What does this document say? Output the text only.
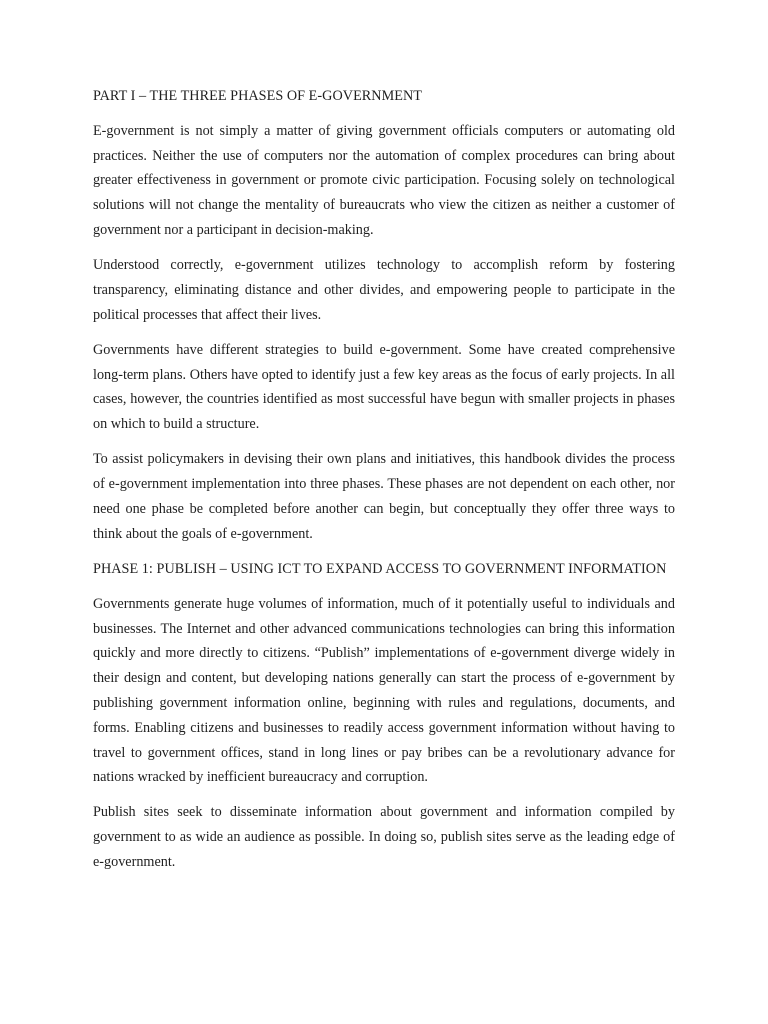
PART I – THE THREE PHASES OF E-GOVERNMENT

E-government is not simply a matter of giving government officials computers or automating old practices. Neither the use of computers nor the automation of complex procedures can bring about greater effectiveness in government or promote civic participation. Focusing solely on technological solutions will not change the mentality of bureaucrats who view the citizen as neither a customer of government nor a participant in decision-making.

Understood correctly, e-government utilizes technology to accomplish reform by fostering transparency, eliminating distance and other divides, and empowering people to participate in the political processes that affect their lives.

Governments have different strategies to build e-government. Some have created comprehensive long-term plans. Others have opted to identify just a few key areas as the focus of early projects. In all cases, however, the countries identified as most successful have begun with smaller projects in phases on which to build a structure.

To assist policymakers in devising their own plans and initiatives, this handbook divides the process of e-government implementation into three phases. These phases are not dependent on each other, nor need one phase be completed before another can begin, but conceptually they offer three ways to think about the goals of e-government.

PHASE 1: PUBLISH – USING ICT TO EXPAND ACCESS TO GOVERNMENT INFORMATION

Governments generate huge volumes of information, much of it potentially useful to individuals and businesses. The Internet and other advanced communications technologies can bring this information quickly and more directly to citizens. “Publish” implementations of e-government diverge widely in their design and content, but developing nations generally can start the process of e-government by publishing government information online, beginning with rules and regulations, documents, and forms. Enabling citizens and businesses to readily access government information without having to travel to government offices, stand in long lines or pay bribes can be a revolutionary advance for nations wracked by inefficient bureaucracy and corruption.

Publish sites seek to disseminate information about government and information compiled by government to as wide an audience as possible. In doing so, publish sites serve as the leading edge of e-government.
